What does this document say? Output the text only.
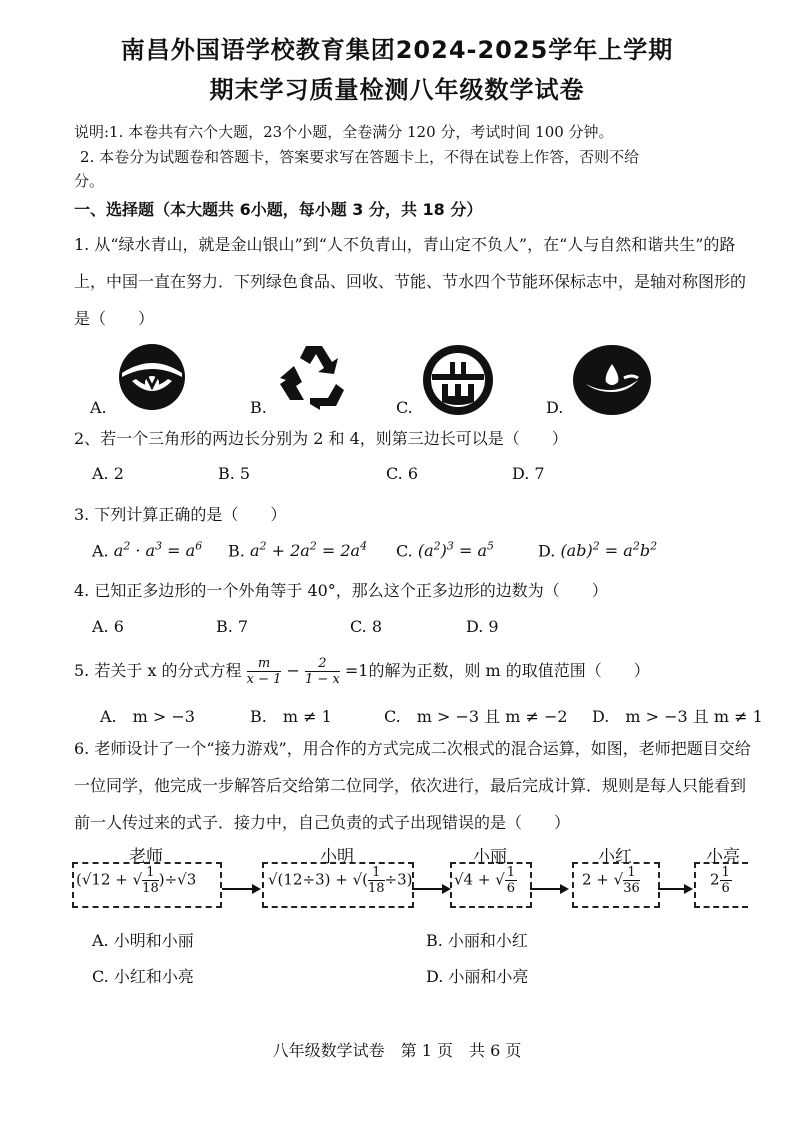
南昌外国语学校教育集团2024-2025学年上学期
期末学习质量检测八年级数学试卷
说明:1. 本卷共有六个大题，23个小题，全卷满分 120 分，考试时间 100 分钟。
2. 本卷分为试题卷和答题卡，答案要求写在答题卡上，不得在试卷上作答，否则不给
分。
一、选择题（本大题共 6小题，每小题 3 分，共 18 分）
1. 从“绿水青山，就是金山银山”到“人不负青山，青山定不负人”，在“人与自然和谐共生”的路上，中国一直在努力．下列绿色食品、回收、节能、节水四个节能环保标志中，是轴对称图形的是（　　）
A.	B.	C.	D.
2、若一个三角形的两边长分别为 2 和 4，则第三边长可以是（　　）
A. 2	B. 5	C. 6	D. 7
3. 下列计算正确的是（　　）
A. $a^2 \cdot a^3 = a^6$ B. $a^2 + 2a^2 = 2a^4$ C. $(a^2)^3 = a^5$	D. $(ab)^2 = a^2b^2$
4. 已知正多边形的一个外角等于 40°，那么这个正多边形的边数为（　　）
A. 6	B. 7	C. 8	D. 9
5. 若关于 x 的分式方程 $\frac{m}{x - 1} - \frac{2}{1 - x} =1$的解为正数，则 m 的取值范围（　　）
A.　m > −3	B.　m ≠ 1	C.　m > −3 且 m ≠ −2 D.　m > −3 且 m ≠ 1
6. 老师设计了一个“接力游戏”，用合作的方式完成二次根式的混合运算，如图，老师把题目交给一位同学，他完成一步解答后交给第二位同学，依次进行，最后完成计算．规则是每人只能看到前一人传过来的式子．接力中，自己负责的式子出现错误的是（　　）
老师
(√12 + √ $\frac{1}{18} )\div√3$
小明
√(12÷3) + √( $\frac{1}{18} \div 3$)
小丽
√4 + √ $\frac{1}{6}$
小红
2 + √ $\frac{1}{36}$
小亮
$2 \frac{1}{6}$
A. 小明和小丽	B. 小丽和小红
C. 小红和小亮	D. 小丽和小亮
八年级数学试卷　第 1 页　共 6 页
